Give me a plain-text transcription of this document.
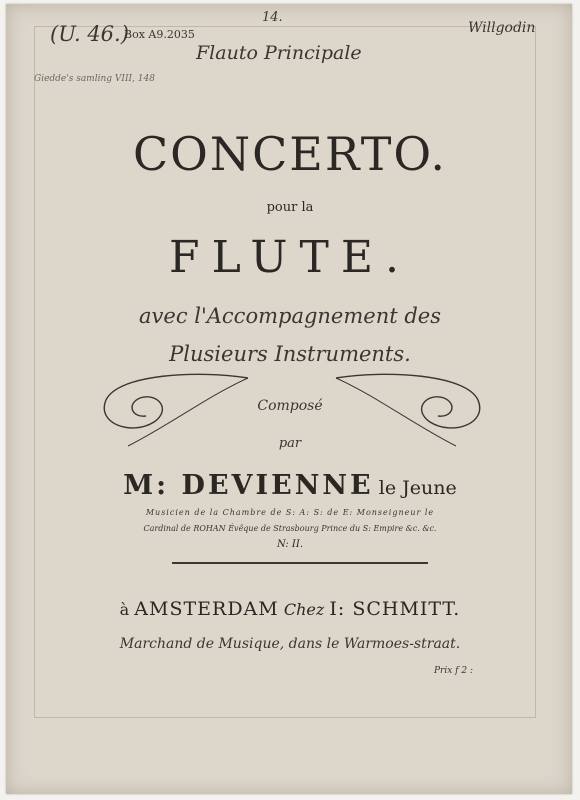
(U. 46.)
Box A9.2035
14.
Flauto Principale
Willgodin
Giedde's samling VIII, 148
CONCERTO.
pour la
FLUTE.
avec l'Accompagnement des
Plusieurs Instruments.
Composé
par
M: DEVIENNE le Jeune
Musicien de la Chambre de S: A: S: de E: Monseigneur le
Cardinal de ROHAN Évêque de Strasbourg Prince du S: Empire &c. &c.
N: II.
à AMSTERDAM Chez I: SCHMITT.
Marchand de Musique, dans le Warmoes-straat.
Prix f 2 :
